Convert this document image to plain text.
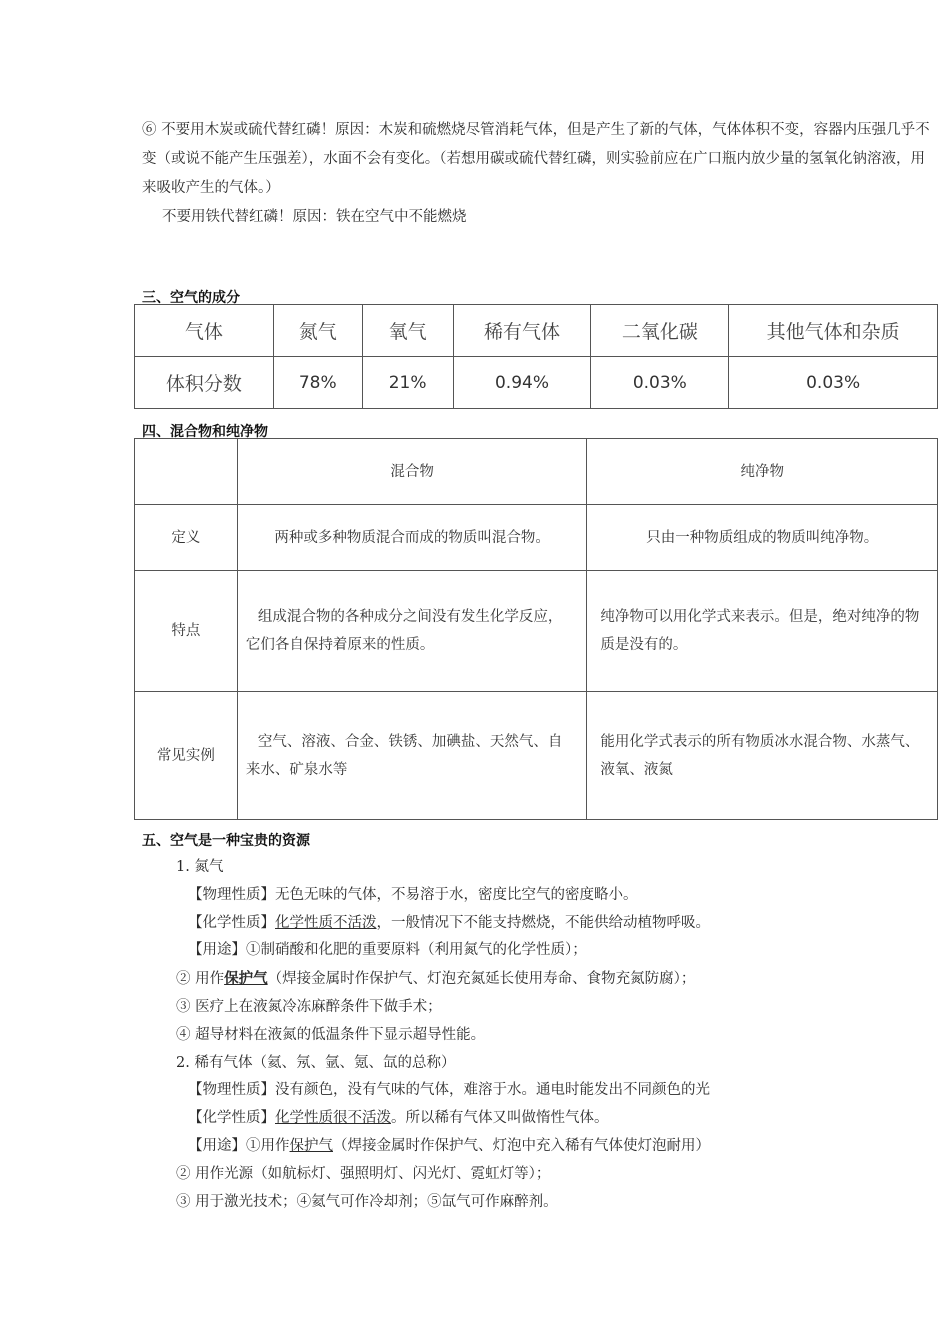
⑥ 不要用木炭或硫代替红磷！原因：木炭和硫燃烧尽管消耗气体，但是产生了新的气体，气体体积不变，容器内压强几乎不变（或说不能产生压强差），水面不会有变化。（若想用碳或硫代替红磷，则实验前应在广口瓶内放少量的氢氧化钠溶液，用来吸收产生的气体。）
不要用铁代替红磷！原因：铁在空气中不能燃烧
三、空气的成分
气体	氮气	氧气	稀有气体	二氧化碳	其他气体和杂质
体积分数	78%	21%	0.94%	0.03%	0.03%
四、混合物和纯净物
	混合物	纯净物
定义	两种或多种物质混合而成的物质叫混合物。	只由一种物质组成的物质叫纯净物。
特点	组成混合物的各种成分之间没有发生化学反应，它们各自保持着原来的性质。	纯净物可以用化学式来表示。但是，绝对纯净的物质是没有的。
常见实例	空气、溶液、合金、铁锈、加碘盐、天然气、自来水、矿泉水等	能用化学式表示的所有物质冰水混合物、水蒸气、液氧、液氮
五、空气是一种宝贵的资源
1. 氮气
【物理性质】无色无味的气体，不易溶于水，密度比空气的密度略小。
【化学性质】化学性质不活泼，一般情况下不能支持燃烧，不能供给动植物呼吸。
【用途】①制硝酸和化肥的重要原料（利用氮气的化学性质）；
② 用作保护气（焊接金属时作保护气、灯泡充氮延长使用寿命、食物充氮防腐）；
③ 医疗上在液氮冷冻麻醉条件下做手术；
④ 超导材料在液氮的低温条件下显示超导性能。
2. 稀有气体（氦、氖、氩、氪、氙的总称）
【物理性质】没有颜色，没有气味的气体，难溶于水。通电时能发出不同颜色的光
【化学性质】化学性质很不活泼。所以稀有气体又叫做惰性气体。
【用途】①用作保护气（焊接金属时作保护气、灯泡中充入稀有气体使灯泡耐用）
② 用作光源（如航标灯、强照明灯、闪光灯、霓虹灯等）；
③ 用于激光技术；④氦气可作冷却剂；⑤氙气可作麻醉剂。
